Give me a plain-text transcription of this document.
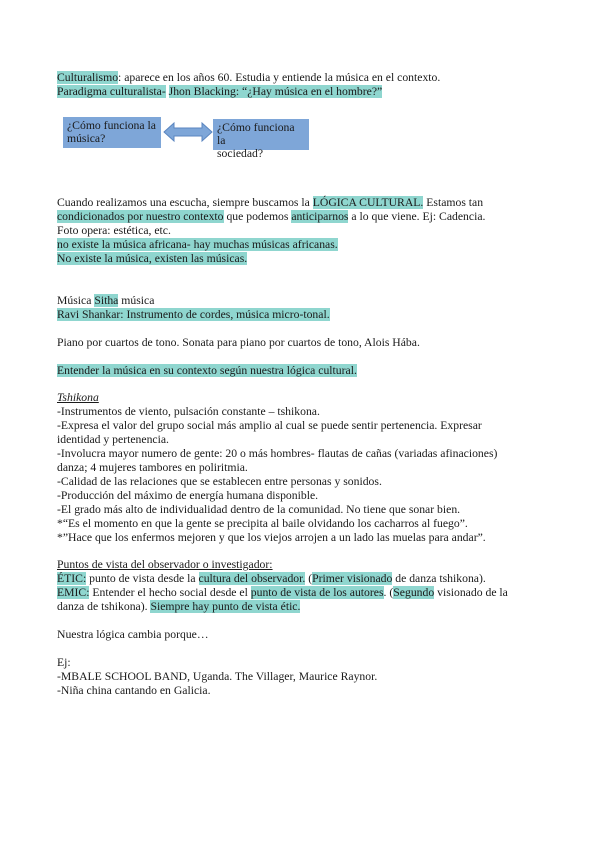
Culturalismo: aparece en los años 60. Estudia y entiende la música en el contexto.
Paradigma culturalista- Jhon Blacking: “¿Hay música en el hombre?”
¿Cómo funciona la
música?
¿Cómo funciona la
sociedad?
Cuando realizamos una escucha, siempre buscamos la LÓGICA CULTURAL. Estamos tan
condicionados por nuestro contexto que podemos anticiparnos a lo que viene. Ej: Cadencia.
Foto opera: estética, etc.
no existe la música africana- hay muchas músicas africanas.
No existe la música, existen las músicas.
Música Sitha música
Ravi Shankar: Instrumento de cordes, música micro-tonal.
Piano por cuartos de tono. Sonata para piano por cuartos de tono, Alois Hába.
Entender la música en su contexto según nuestra lógica cultural.
Tshikona
-Instrumentos de viento, pulsación constante – tshikona.
-Expresa el valor del grupo social más amplio al cual se puede sentir pertenencia. Expresar
identidad y pertenencia.
-Involucra mayor numero de gente: 20 o más hombres- flautas de cañas (variadas afinaciones)
danza; 4 mujeres tambores en poliritmia.
-Calidad de las relaciones que se establecen entre personas y sonidos.
-Producción del máximo de energía humana disponible.
-El grado más alto de individualidad dentro de la comunidad. No tiene que sonar bien.
*“Es el momento en que la gente se precipita al baile olvidando los cacharros al fuego”.
*”Hace que los enfermos mejoren y que los viejos arrojen a un lado las muelas para andar”.
Puntos de vista del observador o investigador:
ÉTIC: punto de vista desde la cultura del observador. (Primer visionado de danza tshikona).
EMIC: Entender el hecho social desde el punto de vista de los autores. (Segundo visionado de la
danza de tshikona). Siempre hay punto de vista étic.
Nuestra lógica cambia porque…
Ej:
-MBALE SCHOOL BAND, Uganda. The Villager, Maurice Raynor.
-Niña china cantando en Galicia.
